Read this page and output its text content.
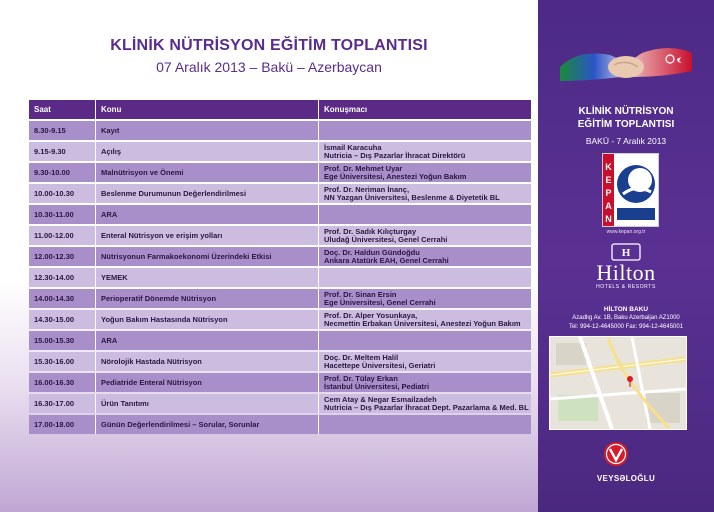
KLİNİK NÜTRİSYON EĞİTİM TOPLANTISI
07 Aralık 2013 – Bakü – Azerbaycan
Saat	Konu	Konuşmacı
8.30-9.15	Kayıt	

9.15-9.30	Açılış	İsmail Karacuha
Nutricia – Dış Pazarlar İhracat Direktörü

9.30-10.00	Malnütrisyon ve Önemi	Prof. Dr. Mehmet Uyar
Ege Üniversitesi, Anestezi Yoğun Bakım

10.00-10.30	Beslenme Durumunun Değerlendirilmesi	Prof. Dr. Neriman İnanç,
NN Yazgan Üniversitesi, Beslenme & Diyetetik BL

10.30-11.00	ARA	

11.00-12.00	Enteral Nütrisyon ve erişim yolları	Prof. Dr. Sadık Kılıçturgay
Uludağ Üniversitesi, Genel Cerrahi

12.00-12.30	Nütrisyonun Farmakoekonomi Üzerindeki Etkisi	Doç. Dr. Haldun Gündoğdu
Ankara Atatürk EAH, Genel Cerrahi

12.30-14.00	YEMEK	

14.00-14.30	Perioperatif Dönemde Nütrisyon	Prof. Dr. Sinan Ersin
Ege Üniversitesi, Genel Cerrahi

14.30-15.00	Yoğun Bakım Hastasında Nütrisyon	Prof. Dr. Alper Yosunkaya,
Necmettin Erbakan Üniversitesi, Anestezi Yoğun Bakım

15.00-15.30	ARA	

15.30-16.00	Nörolojik Hastada Nütrisyon	Doç. Dr. Meltem Halil
Hacettepe Üniversitesi, Geriatri

16.00-16.30	Pediatride Enteral Nütrisyon	Prof. Dr. Tülay Erkan
İstanbul Üniversitesi, Pediatri

16.30-17.00	Ürün Tanıtımı	Cem Atay & Negar Esmailzadeh
Nutricia – Dış Pazarlar İhracat Dept. Pazarlama & Med. BL

17.00-18.00	Günün Değerlendirilmesi – Sorular, Sorunlar	
KLİNİK NÜTRİSYON
EĞİTİM TOPLANTISI
BAKÜ - 7 Aralık 2013
K
E
P
A
N
www.kepan.org.tr
H
Hilton
HOTELS & RESORTS
HİLTON BAKU
Azadlıg Av. 1B, Baku Azerbaijan AZ1000
Tel: 994-12-4645000 Fax: 994-12-4645001
VEYSƏLOĞLU
